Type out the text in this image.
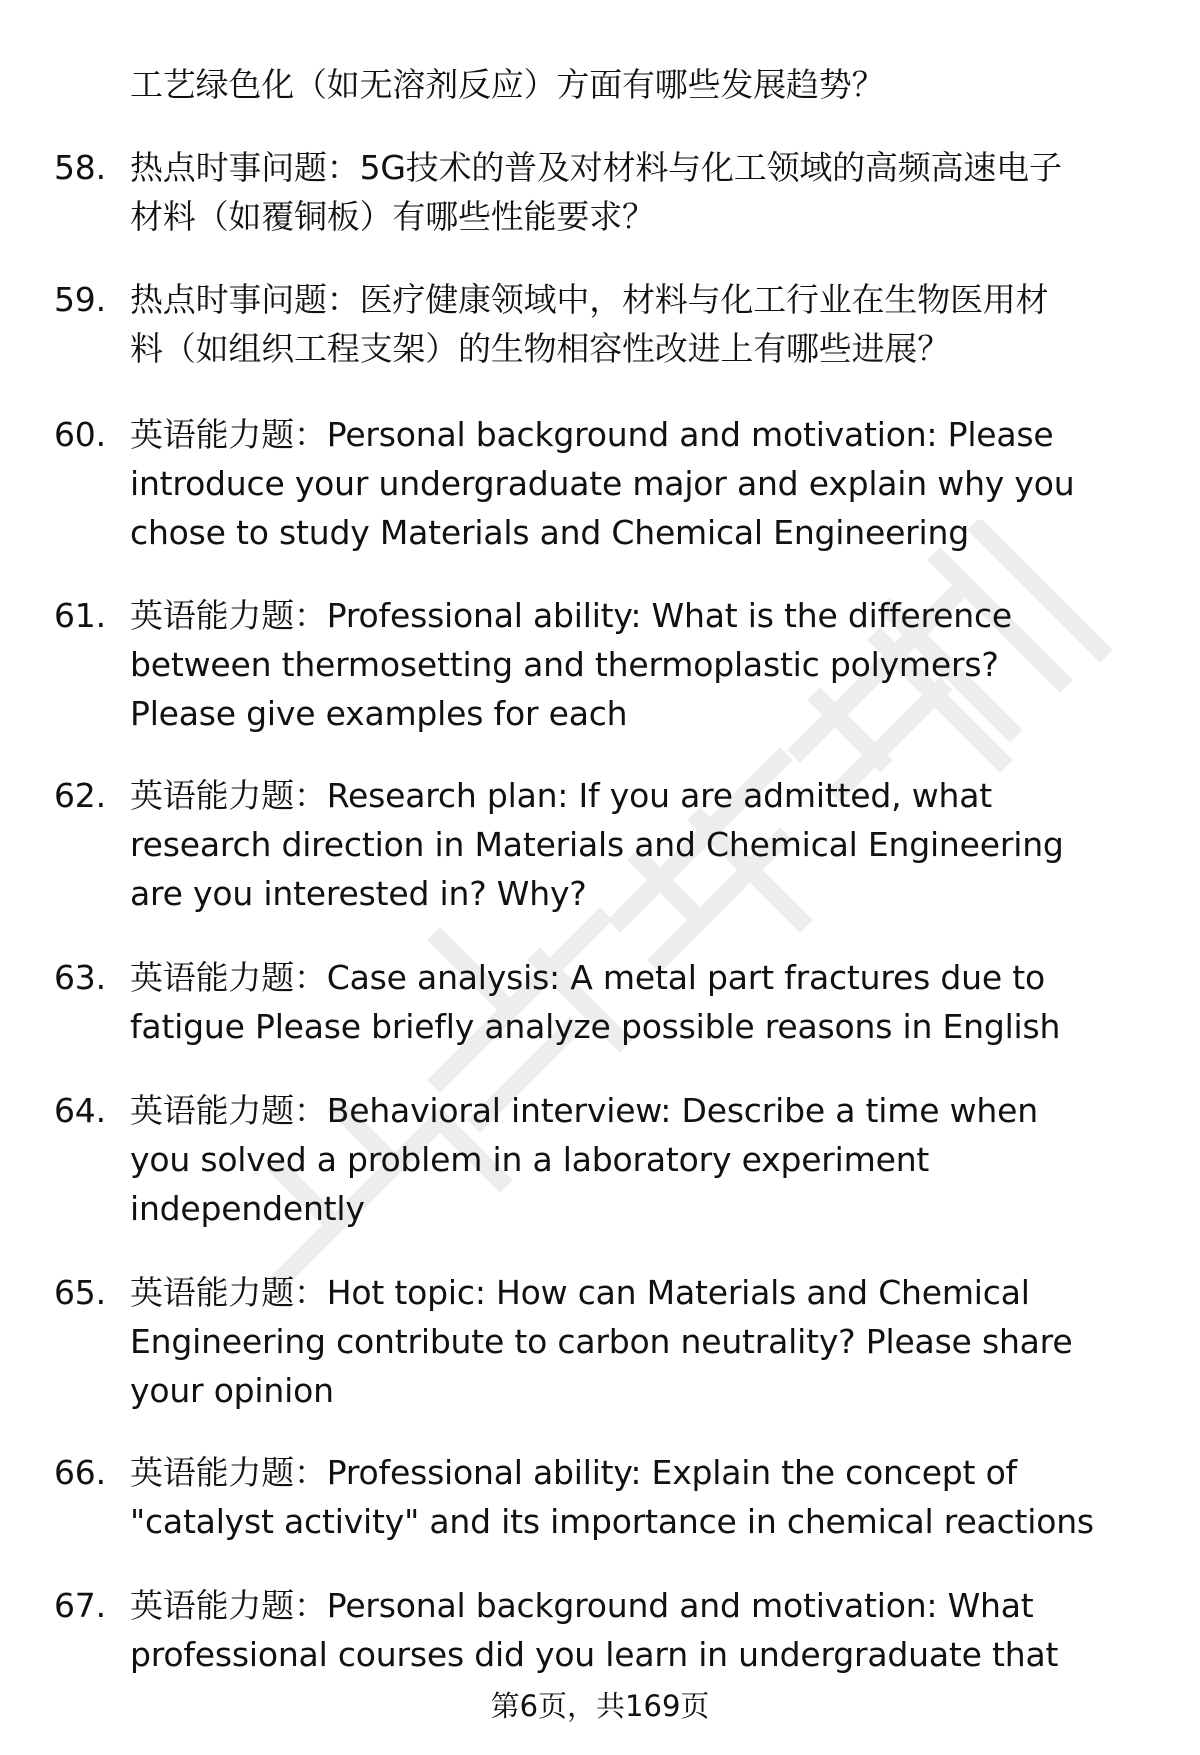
工艺绿色化（如无溶剂反应）方面有哪些发展趋势？
58. 热点时事问题：5G技术的普及对材料与化工领域的高频高速电子
材料（如覆铜板）有哪些性能要求？
59. 热点时事问题：医疗健康领域中，材料与化工行业在生物医用材
料（如组织工程支架）的生物相容性改进上有哪些进展？
60. 英语能力题：Personal background and motivation: Please
introduce your undergraduate major and explain why you
chose to study Materials and Chemical Engineering
61. 英语能力题：Professional ability: What is the difference
between thermosetting and thermoplastic polymers?
Please give examples for each
62. 英语能力题：Research plan: If you are admitted, what
research direction in Materials and Chemical Engineering
are you interested in? Why?
63. 英语能力题：Case analysis: A metal part fractures due to
fatigue Please briefly analyze possible reasons in English
64. 英语能力题：Behavioral interview: Describe a time when
you solved a problem in a laboratory experiment
independently
65. 英语能力题：Hot topic: How can Materials and Chemical
Engineering contribute to carbon neutrality? Please share
your opinion
66. 英语能力题：Professional ability: Explain the concept of
"catalyst activity" and its importance in chemical reactions
67. 英语能力题：Personal background and motivation: What
professional courses did you learn in undergraduate that
第6页，共169页
